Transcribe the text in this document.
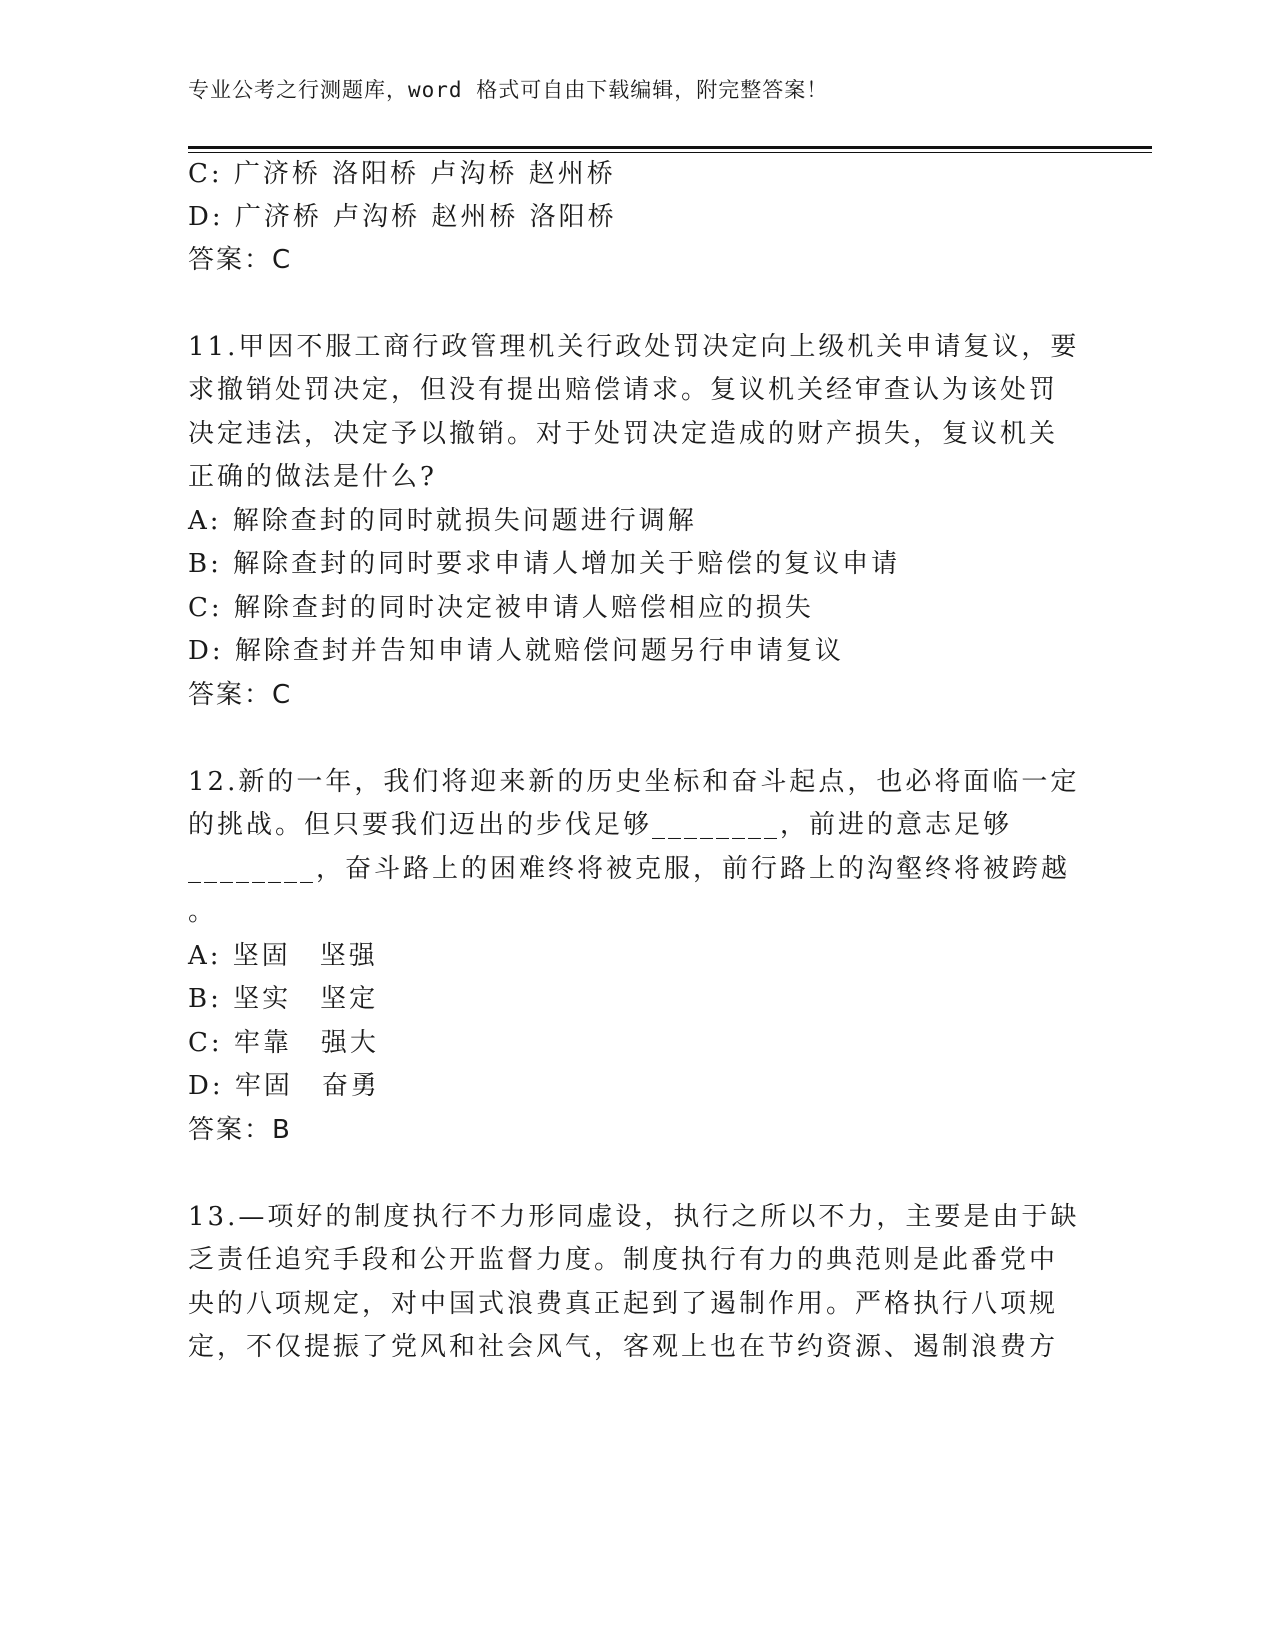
专业公考之行测题库，word 格式可自由下载编辑，附完整答案！
C: 广济桥 洛阳桥 卢沟桥 赵州桥
D: 广济桥 卢沟桥 赵州桥 洛阳桥
答案：C
11.甲因不服工商行政管理机关行政处罚决定向上级机关申请复议，要
求撤销处罚决定，但没有提出赔偿请求。复议机关经审查认为该处罚
决定违法，决定予以撤销。对于处罚决定造成的财产损失，复议机关
正确的做法是什么?
A: 解除查封的同时就损失问题进行调解
B: 解除查封的同时要求申请人增加关于赔偿的复议申请
C: 解除查封的同时决定被申请人赔偿相应的损失
D: 解除查封并告知申请人就赔偿问题另行申请复议
答案：C
12.新的一年，我们将迎来新的历史坐标和奋斗起点，也必将面临一定
的挑战。但只要我们迈出的步伐足够________，前进的意志足够
________，奋斗路上的困难终将被克服，前行路上的沟壑终将被跨越
。
A: 坚固　坚强
B: 坚实　坚定
C: 牢靠　强大
D: 牢固　奋勇
答案：B
13.—项好的制度执行不力形同虚设，执行之所以不力，主要是由于缺
乏责任追究手段和公开监督力度。制度执行有力的典范则是此番党中
央的八项规定，对中国式浪费真正起到了遏制作用。严格执行八项规
定，不仅提振了党风和社会风气，客观上也在节约资源、遏制浪费方
